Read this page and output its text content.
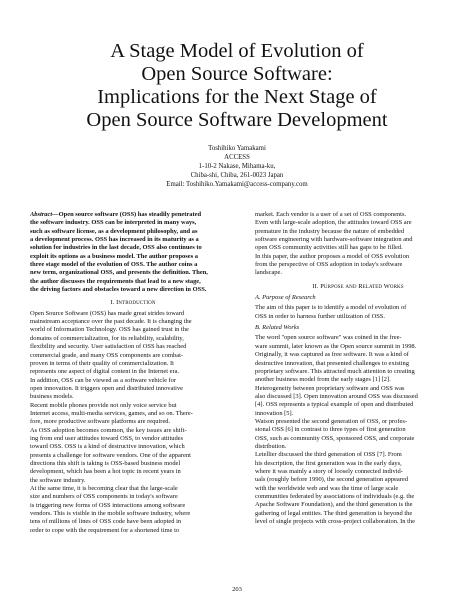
A Stage Model of Evolution of
Open Source Software:
Implications for the Next Stage of
Open Source Software Development
Toshihiko Yamakami
ACCESS
1-10-2 Nakase, Mihama-ku,
Chiba-shi, Chiba, 261-0023 Japan
Email: Toshihiko.Yamakami@access-company.com
Abstract—Open source software (OSS) has steadily penetrated
the software industry. OSS can be interpreted in many ways,
such as software license, as a development philosophy, and as
a development process. OSS has increased in its maturity as a
solution for industries in the last decade, OSS also continues to
exploit its options as a business model. The author proposes a
three stage model of the evolution of OSS. The author coins a
new term, organizational OSS, and presents the definition. Then,
the author discusses the requirements that lead to a new stage,
the driving factors and obstacles toward a new direction in OSS.
I. Introduction
Open Source Software (OSS) has made great strides toward
mainstream acceptance over the past decade. It is changing the
world of Information Technology. OSS has gained trust in the
domains of commercialization, for its reliability, scalability,
flexibility and security. User satisfaction of OSS has reached
commercial grade, and many OSS components are combat-
proven in terms of their quality of commercialization. It
represents one aspect of digital content in the Internet era.
In addition, OSS can be viewed as a software vehicle for
open innovation. It triggers open and distributed innovative
business models.
Recent mobile phones provide not only voice service but
Internet access, multi-media services, games, and so on. There-
fore, more productive software platforms are required.
As OSS adoption becomes common, the key issues are shift-
ing from end user attitudes toward OSS, to vendor attitudes
toward OSS. OSS is a kind of destructive innovation, which
presents a challenge for software vendors. One of the apparent
directions this shift is taking is OSS-based business model
development, which has been a hot topic in recent years in
the software industry.
At the same time, it is becoming clear that the large-scale
size and numbers of OSS components in today's software
is triggering new forms of OSS interactions among software
vendors. This is visible in the mobile software industry, where
tens of millions of lines of OSS code have been adopted in
order to cope with the requirement for a shortened time to
market. Each vendor is a user of a set of OSS components.
Even with large-scale adoption, the attitudes toward OSS are
premature in the industry because the nature of embedded
software engineering with hardware-software integration and
open OSS community activities still has gaps to be filled.
In this paper, the author proposes a model of OSS evolution
from the perspective of OSS adoption in today's software
landscape.
II. Purpose and Related Works
A. Purpose of Research
The aim of this paper is to identify a model of evolution of
OSS in order to harness further utilization of OSS.
B. Related Works
The word "open source software" was coined in the free-
ware summit, later known as the Open source summit in 1998.
Originally, it was captured as free software. It was a kind of
destructive innovation, that presented challenges to existing
proprietary software. This attracted much attention to creating
another business model from the early stages [1] [2].
Heterogeneity between proprietary software and OSS was
also discussed [3]. Open innovation around OSS was discussed
[4]. OSS represents a typical example of open and distributed
innovation [5].
Watson presented the second generation of OSS, or profes-
sional OSS [6] in contrast to three types of first generation
OSS, such as community OSS, sponsored OSS, and corporate
distribution.
Letellier discussed the third generation of OSS [7]. From
his description, the first generation was in the early days,
where it was mainly a story of loosely connected individ-
uals (roughly before 1990), the second generation appeared
with the worldwide web and was the time of large scale
communities federated by associations of individuals (e.g. the
Apache Software Foundation), and the third generation is the
gathering of legal entities. The third generation is beyond the
level of single projects with cross-project collaboration. In the
203
